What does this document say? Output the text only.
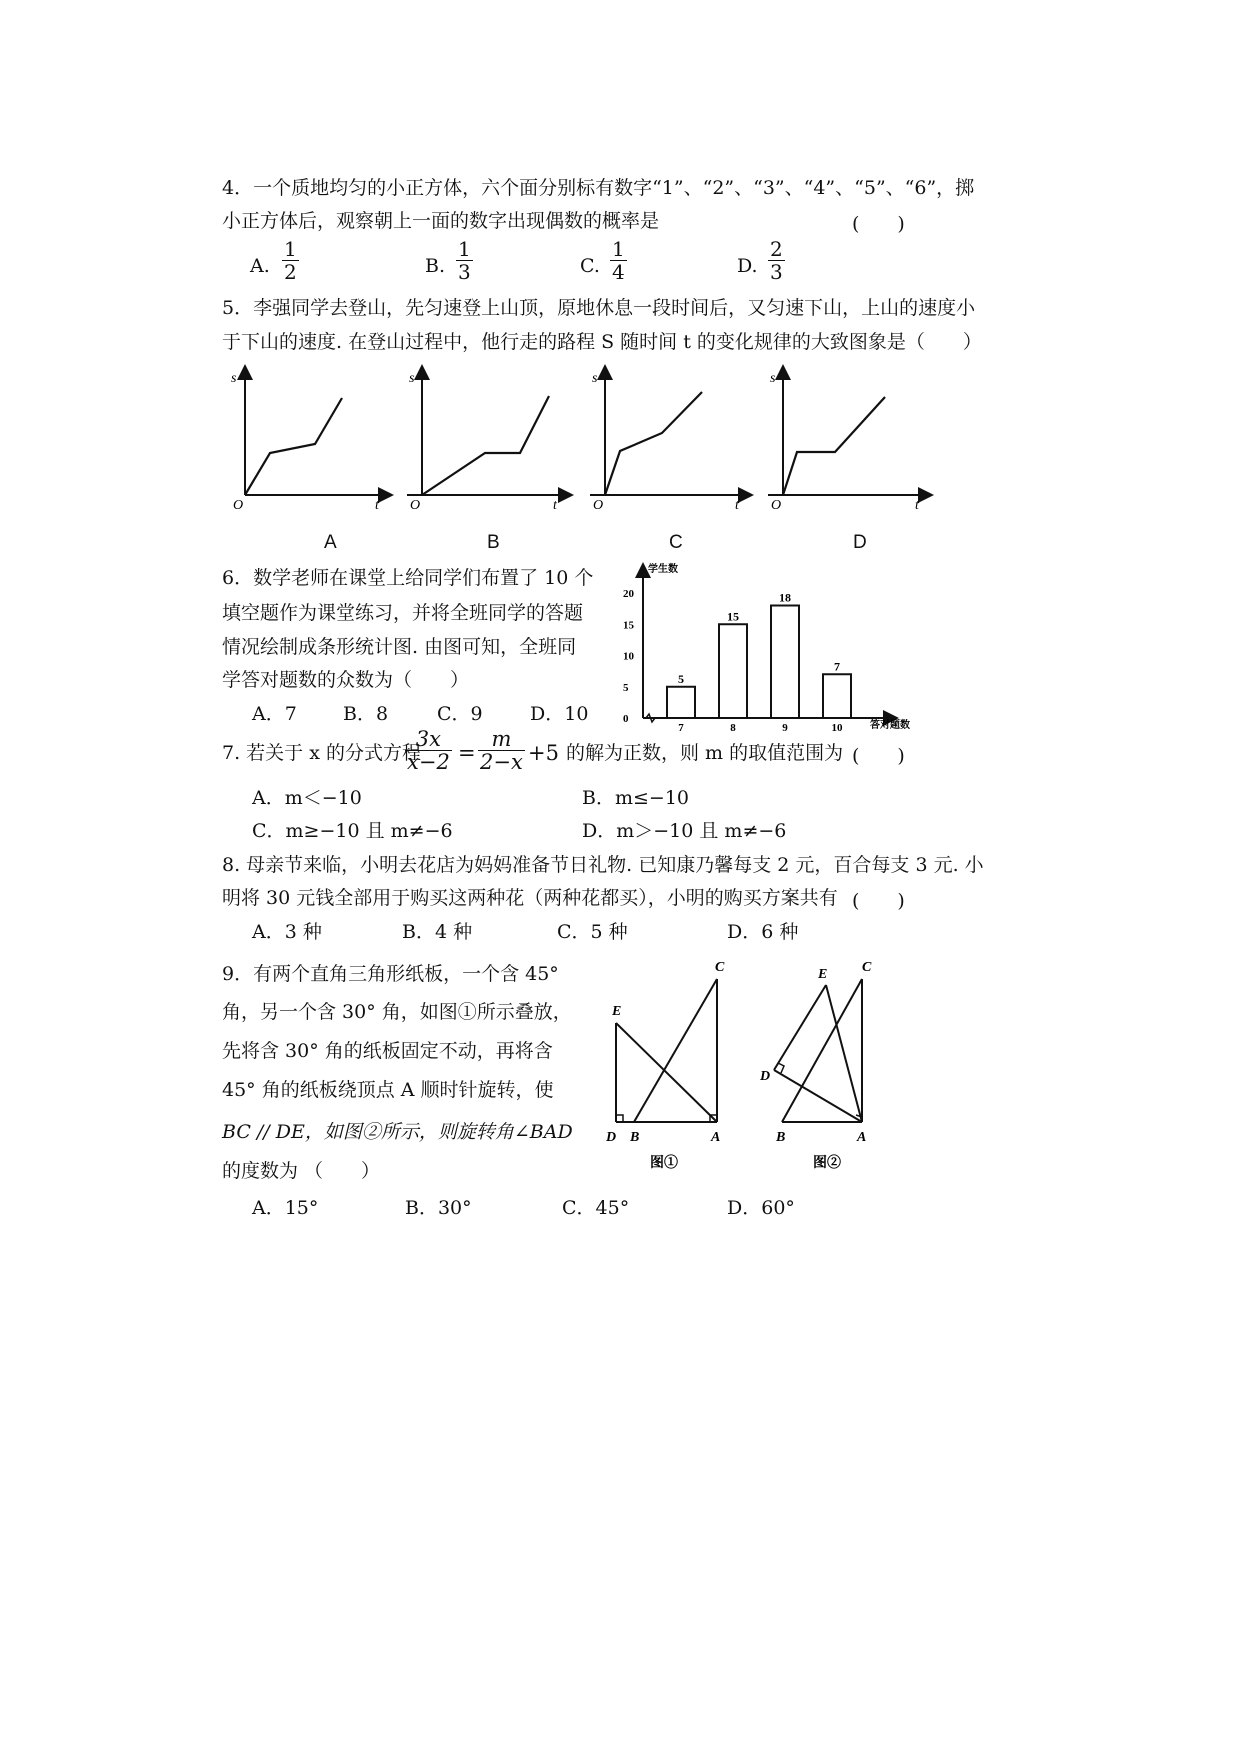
4．一个质地均匀的小正方体，六个面分别标有数字“1”、“2”、“3”、“4”、“5”、“6”，掷
小正方体后，观察朝上一面的数字出现偶数的概率是	(　　)
A. $\frac{1}{2}$	B. $\frac{1}{3}$	C. $\frac{1}{4}$	D. $\frac{2}{3}$
5．李强同学去登山，先匀速登上山顶，原地休息一段时间后，又匀速下山，上山的速度小
于下山的速度. 在登山过程中，他行走的路程 S 随时间 t 的变化规律的大致图象是（　　）
s
O	t
s
O	t
s
O	t
s
O	t
A	B	C	D
6．数学老师在课堂上给同学们布置了 10 个
填空题作为课堂练习，并将全班同学的答题
情况绘制成条形统计图. 由图可知，全班同
学答对题数的众数为（　　）
A．7 B．8	C．9 D．10
学生数
答对题数
0
5
10
15
20
5
7
15
8
18
9
7
10
7. 若关于 x 的分式方程
$\frac{3x}{x-2} = \frac{m}{2-x} +5$ 的解为正数，则 m 的取值范围为 (　　)
A．m＜−10	B．m≤−10
C．m≥−10 且 m≠−6	D．m＞−10 且 m≠−6
8. 母亲节来临，小明去花店为妈妈准备节日礼物. 已知康乃馨每支 2 元，百合每支 3 元. 小
明将 30 元钱全部用于购买这两种花（两种花都买），小明的购买方案共有 (　　)
A．3 种	B．4 种	C．5 种	D．6 种
9．有两个直角三角形纸板，一个含 45°
角，另一个含 30° 角，如图①所示叠放，
先将含 30° 角的纸板固定不动，再将含
45° 角的纸板绕顶点 A 顺时针旋转，使
BC // DE，如图②所示，则旋转角∠BAD
的度数为 （　　）
A．15°	B．30°	C．45°	D．60°
C
E
D B	A
图①
C
E
D
B	A
图②
